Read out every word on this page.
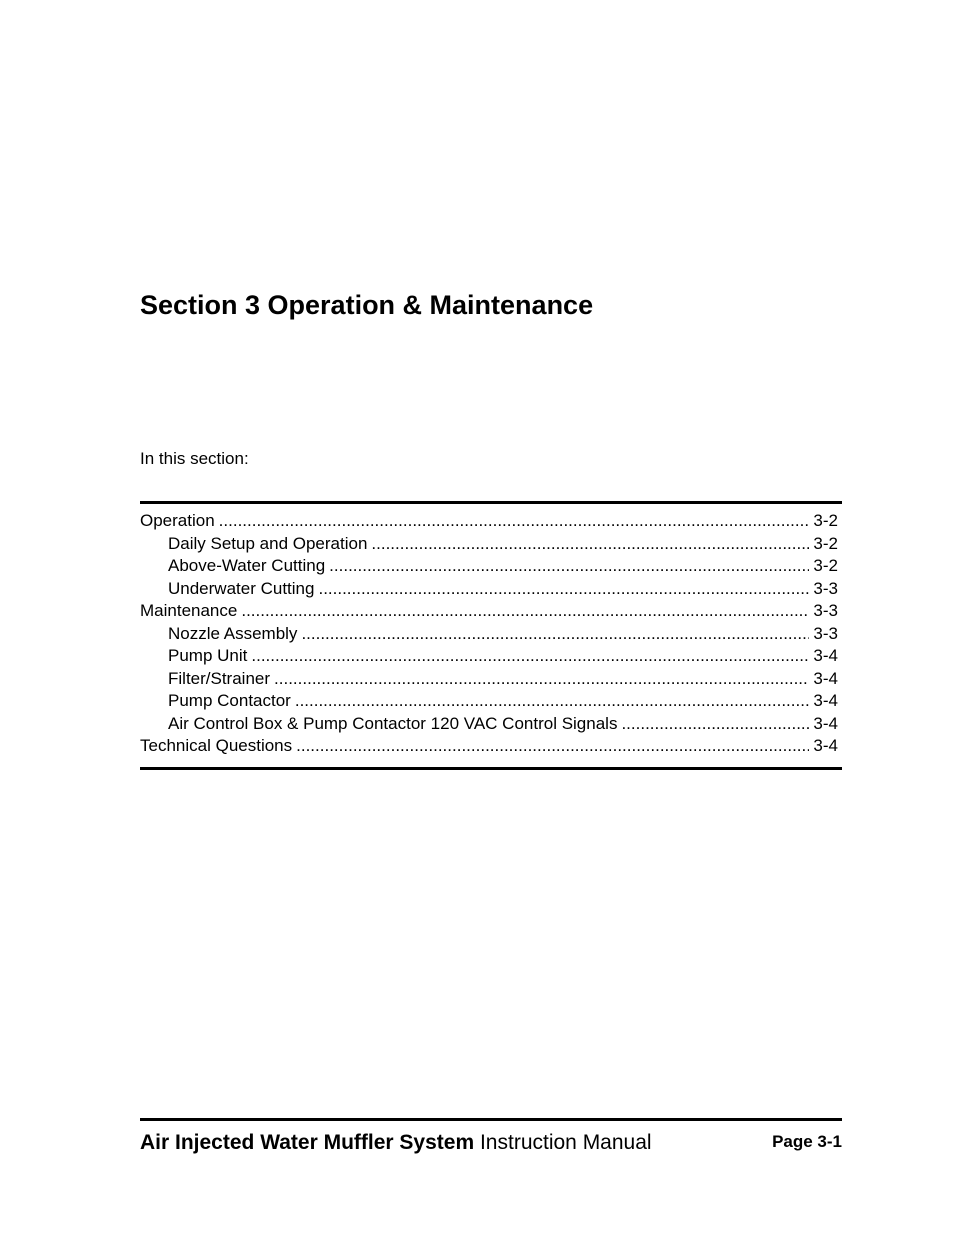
Section 3 Operation & Maintenance

In this section:

Operation .....	3-2
Daily Setup and Operation .....	3-2
Above-Water Cutting .....	3-2
Underwater Cutting .....	3-3
Maintenance .....	3-3
Nozzle Assembly .....	3-3
Pump Unit .....	3-4
Filter/Strainer .....	3-4
Pump Contactor .....	3-4
Air Control Box & Pump Contactor 120 VAC Control Signals .....	3-4
Technical Questions .....	3-4
Air Injected Water Muffler System Instruction Manual	Page 3-1
